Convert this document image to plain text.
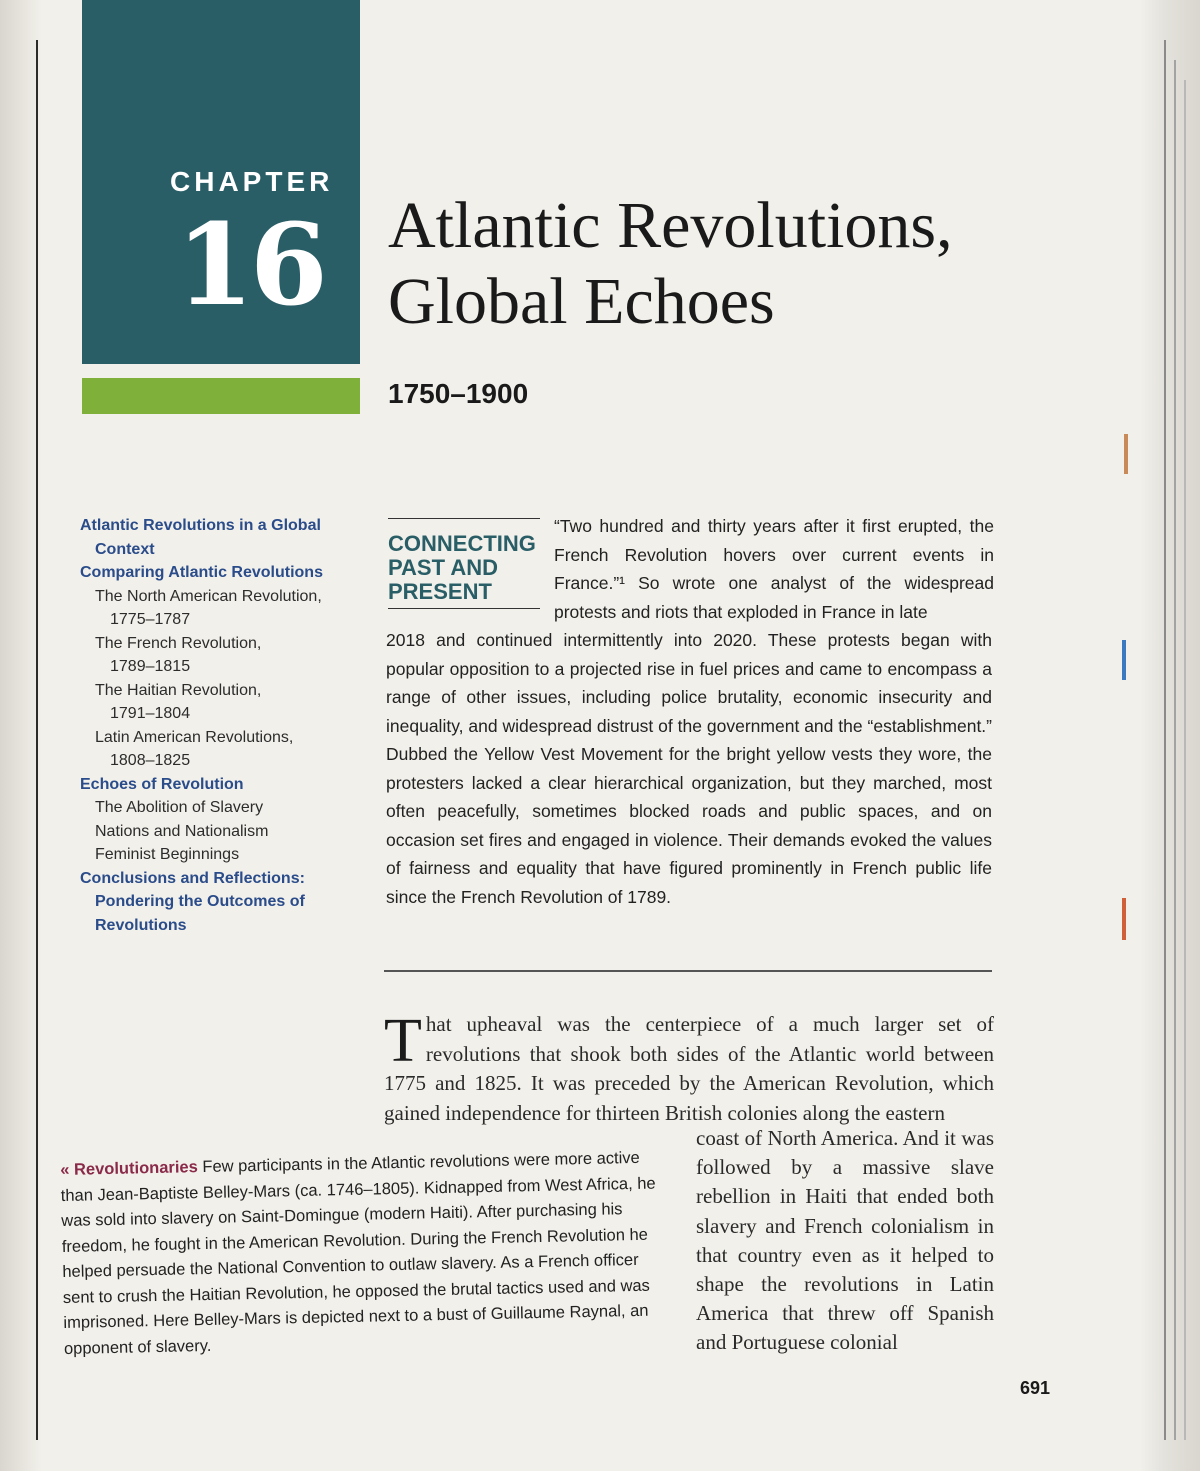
CHAPTER
16 Atlantic Revolutions,
Global Echoes
1750–1900
Atlantic Revolutions in a Global
Context
Comparing Atlantic Revolutions
The North American Revolution,
1775–1787
The French Revolution,
1789–1815
The Haitian Revolution,
1791–1804
Latin American Revolutions,
1808–1825
Echoes of Revolution
The Abolition of Slavery
Nations and Nationalism
Feminist Beginnings
Conclusions and Reflections:
Pondering the Outcomes of
Revolutions
CONNECTING
PAST AND
PRESENT
“Two hundred and thirty years after it first erupted, the French Revolution hovers over current events in France.”¹ So wrote one analyst of the widespread protests and riots that exploded in France in late
2018 and continued intermittently into 2020. These protests began with popular opposition to a projected rise in fuel prices and came to encompass a range of other issues, including police brutality, economic insecurity and inequality, and widespread distrust of the government and the “establishment.” Dubbed the Yellow Vest Movement for the bright yellow vests they wore, the protesters lacked a clear hierarchical organization, but they marched, most often peacefully, sometimes blocked roads and public spaces, and on occasion set fires and engaged in violence. Their demands evoked the values of fairness and equality that have figured prominently in French public life since the French Revolution of 1789.
T hat upheaval was the centerpiece of a much larger set of revolutions that shook both sides of the Atlantic world between 1775 and 1825. It was preceded by the American Revolution, which gained independence for thirteen British colonies along the eastern
coast of North America. And it was followed by a massive slave rebellion in Haiti that ended both slavery and French colonialism in that country even as it helped to shape the revolutions in Latin America that threw off Spanish and Portuguese colonial
« Revolutionaries Few participants in the Atlantic revolutions were more active than Jean-Baptiste Belley-Mars (ca. 1746–1805). Kidnapped from West Africa, he was sold into slavery on Saint-Domingue (modern Haiti). After purchasing his freedom, he fought in the American Revolution. During the French Revolution he helped persuade the National Convention to outlaw slavery. As a French officer sent to crush the Haitian Revolution, he opposed the brutal tactics used and was imprisoned. Here Belley-Mars is depicted next to a bust of Guillaume Raynal, an opponent of slavery.
691
